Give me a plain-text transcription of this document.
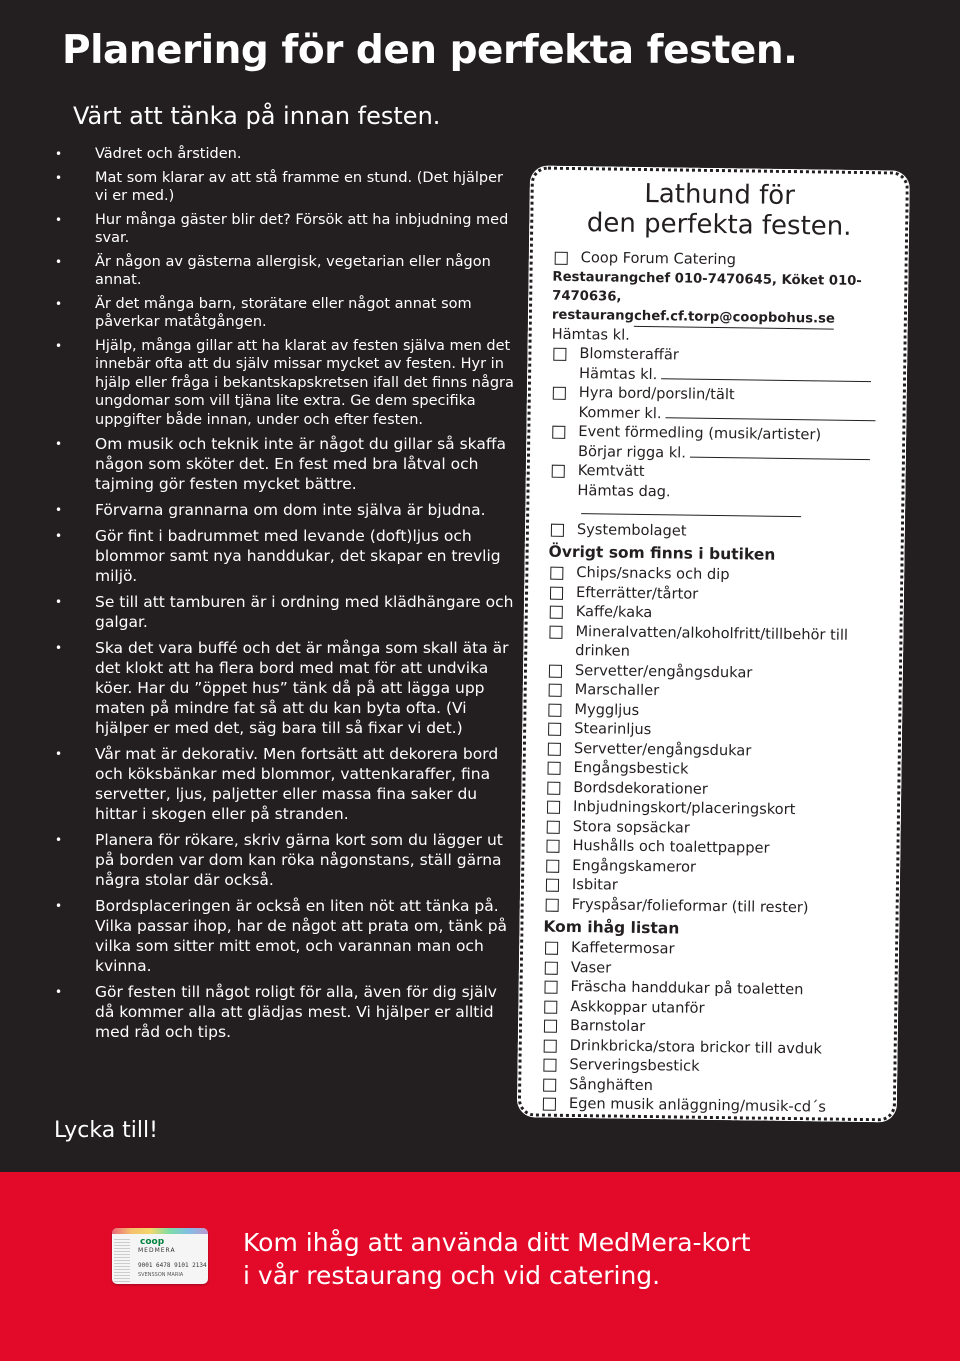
Planering för den perfekta festen.
Värt att tänka på innan festen.
• Vädret och årstiden.
• Mat som klarar av att stå framme en stund. (Det hjälper vi er med.)
• Hur många gäster blir det? Försök att ha inbjudning med svar.
• Är någon av gästerna allergisk, vegetarian eller någon annat.
• Är det många barn, storätare eller något annat som påverkar matåtgången.
• Hjälp, många gillar att ha klarat av festen själva men det innebär ofta att du själv missar mycket av festen. Hyr in hjälp eller fråga i bekantskapskretsen ifall det finns några ungdomar som vill tjäna lite extra. Ge dem specifika uppgifter både innan, under och efter festen.
• Om musik och teknik inte är något du gillar så skaffa någon som sköter det. En fest med bra låtval och tajming gör festen mycket bättre.
• Förvarna grannarna om dom inte själva är bjudna.
• Gör fint i badrummet med levande (doft)ljus och blommor samt nya handdukar, det skapar en trevlig miljö.
• Se till att tamburen är i ordning med klädhängare och galgar.
• Ska det vara buffé och det är många som skall äta är det klokt att ha flera bord med mat för att undvika köer. Har du ”öppet hus” tänk då på att lägga upp maten på mindre fat så att du kan byta ofta. (Vi hjälper er med det, säg bara till så fixar vi det.)
• Vår mat är dekorativ. Men fortsätt att dekorera bord och köksbänkar med blommor, vattenkaraffer, fina servetter, ljus, paljetter eller massa fina saker du hittar i skogen eller på stranden.
• Planera för rökare, skriv gärna kort som du lägger ut på borden var dom kan röka någonstans, ställ gärna några stolar där också.
• Bordsplaceringen är också en liten nöt att tänka på. Vilka passar ihop, har de något att prata om, tänk på vilka som sitter mitt emot, och varannan man och kvinna.
• Gör festen till något roligt för alla, även för dig själv då kommer alla att glädjas mest. Vi hjälper er alltid med råd och tips.
Lycka till!
Lathund för
den perfekta festen.
Coop Forum Catering
Restaurangchef 010-7470645, Köket 010-7470636,
restaurangchef.cf.torp@coopbohus.se
Hämtas kl.
Blomsteraffär
Hämtas kl.
Hyra bord/porslin/tält
Kommer kl.
Event förmedling (musik/artister)
Börjar rigga kl.
Kemtvätt
Hämtas dag.
Systembolaget
Övrigt som finns i butiken
Chips/snacks och dip
Efterrätter/tårtor
Kaffe/kaka
Mineralvatten/alkoholfritt/tillbehör till drinken
Servetter/engångsdukar
Marschaller
Myggljus
Stearinljus
Servetter/engångsdukar
Engångsbestick
Bordsdekorationer
Inbjudningskort/placeringskort
Stora sopsäckar
Hushålls och toalettpapper
Engångskameror
Isbitar
Fryspåsar/folieformar (till rester)
Kom ihåg listan
Kaffetermosar
Vaser
Fräscha handdukar på toaletten
Askkoppar utanför
Barnstolar
Drinkbricka/stora brickor till avduk
Serveringsbestick
Sånghäften
Egen musik anläggning/musik-cd´s
coop
MEDMERA
9001 6478 9101 2134
SVENSSON MARIA
Kom ihåg att använda ditt MedMera-kort
i vår restaurang och vid catering.
